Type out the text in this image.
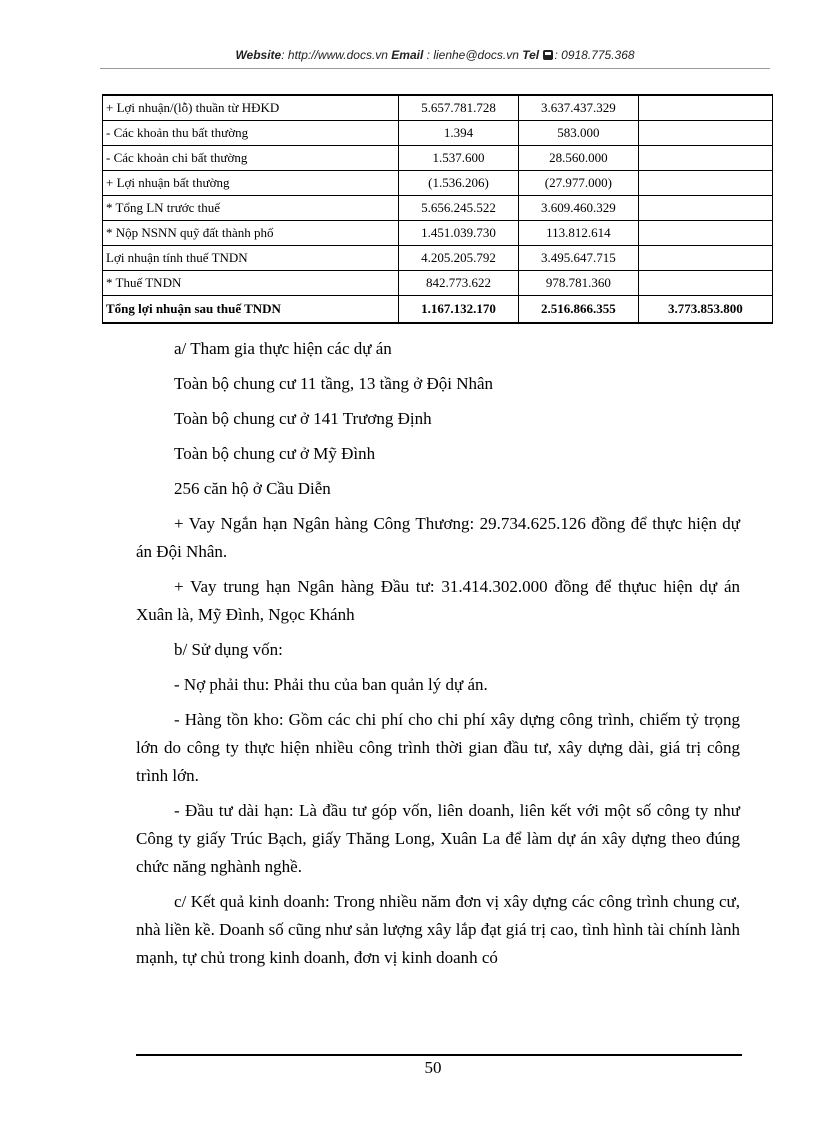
Website: http://www.docs.vn Email : lienhe@docs.vn Tel : 0918.775.368
+ Lợi nhuận/(lỗ) thuần từ HĐKD	5.657.781.728	3.637.437.329	
- Các khoản thu bất thường	1.394	583.000	
- Các khoản chi bất thường	1.537.600	28.560.000	
+ Lợi nhuận bất thường	(1.536.206)	(27.977.000)	
* Tổng LN trước thuế	5.656.245.522	3.609.460.329	
* Nộp NSNN quỹ đất thành phố	1.451.039.730	113.812.614	
Lợi nhuận tính thuế TNDN	4.205.205.792	3.495.647.715	
* Thuế TNDN	842.773.622	978.781.360	
Tổng lợi nhuận sau thuế TNDN	1.167.132.170	2.516.866.355	3.773.853.800

a/ Tham gia thực hiện các dự án

Toàn bộ chung cư 11 tầng, 13 tầng ở Đội Nhân

Toàn bộ chung cư ở 141 Trương Định

Toàn bộ chung cư ở Mỹ Đình

256 căn hộ ở Cầu Diễn

+ Vay Ngắn hạn Ngân hàng Công Thương: 29.734.625.126 đồng để thực hiện dự án Đội Nhân.

+ Vay trung hạn Ngân hàng Đầu tư: 31.414.302.000 đồng để thựuc hiện dự án Xuân là, Mỹ Đình, Ngọc Khánh

b/ Sử dụng vốn:

- Nợ phải thu: Phải thu của ban quản lý dự án.

- Hàng tồn kho: Gồm các chi phí cho chi phí xây dựng công trình, chiếm tỷ trọng lớn do công ty thực hiện nhiều công trình thời gian đầu tư, xây dựng dài, giá trị công trình lớn.

- Đầu tư dài hạn: Là đầu tư góp vốn, liên doanh, liên kết với một số công ty như Công ty giấy Trúc Bạch, giấy Thăng Long, Xuân La để làm dự án xây dựng theo đúng chức năng nghành nghề.

c/ Kết quả kinh doanh: Trong nhiều năm đơn vị xây dựng các công trình chung cư, nhà liền kề. Doanh số cũng như sản lượng xây lắp đạt giá trị cao, tình hình tài chính lành mạnh, tự chủ trong kinh doanh, đơn vị kinh doanh có

50
